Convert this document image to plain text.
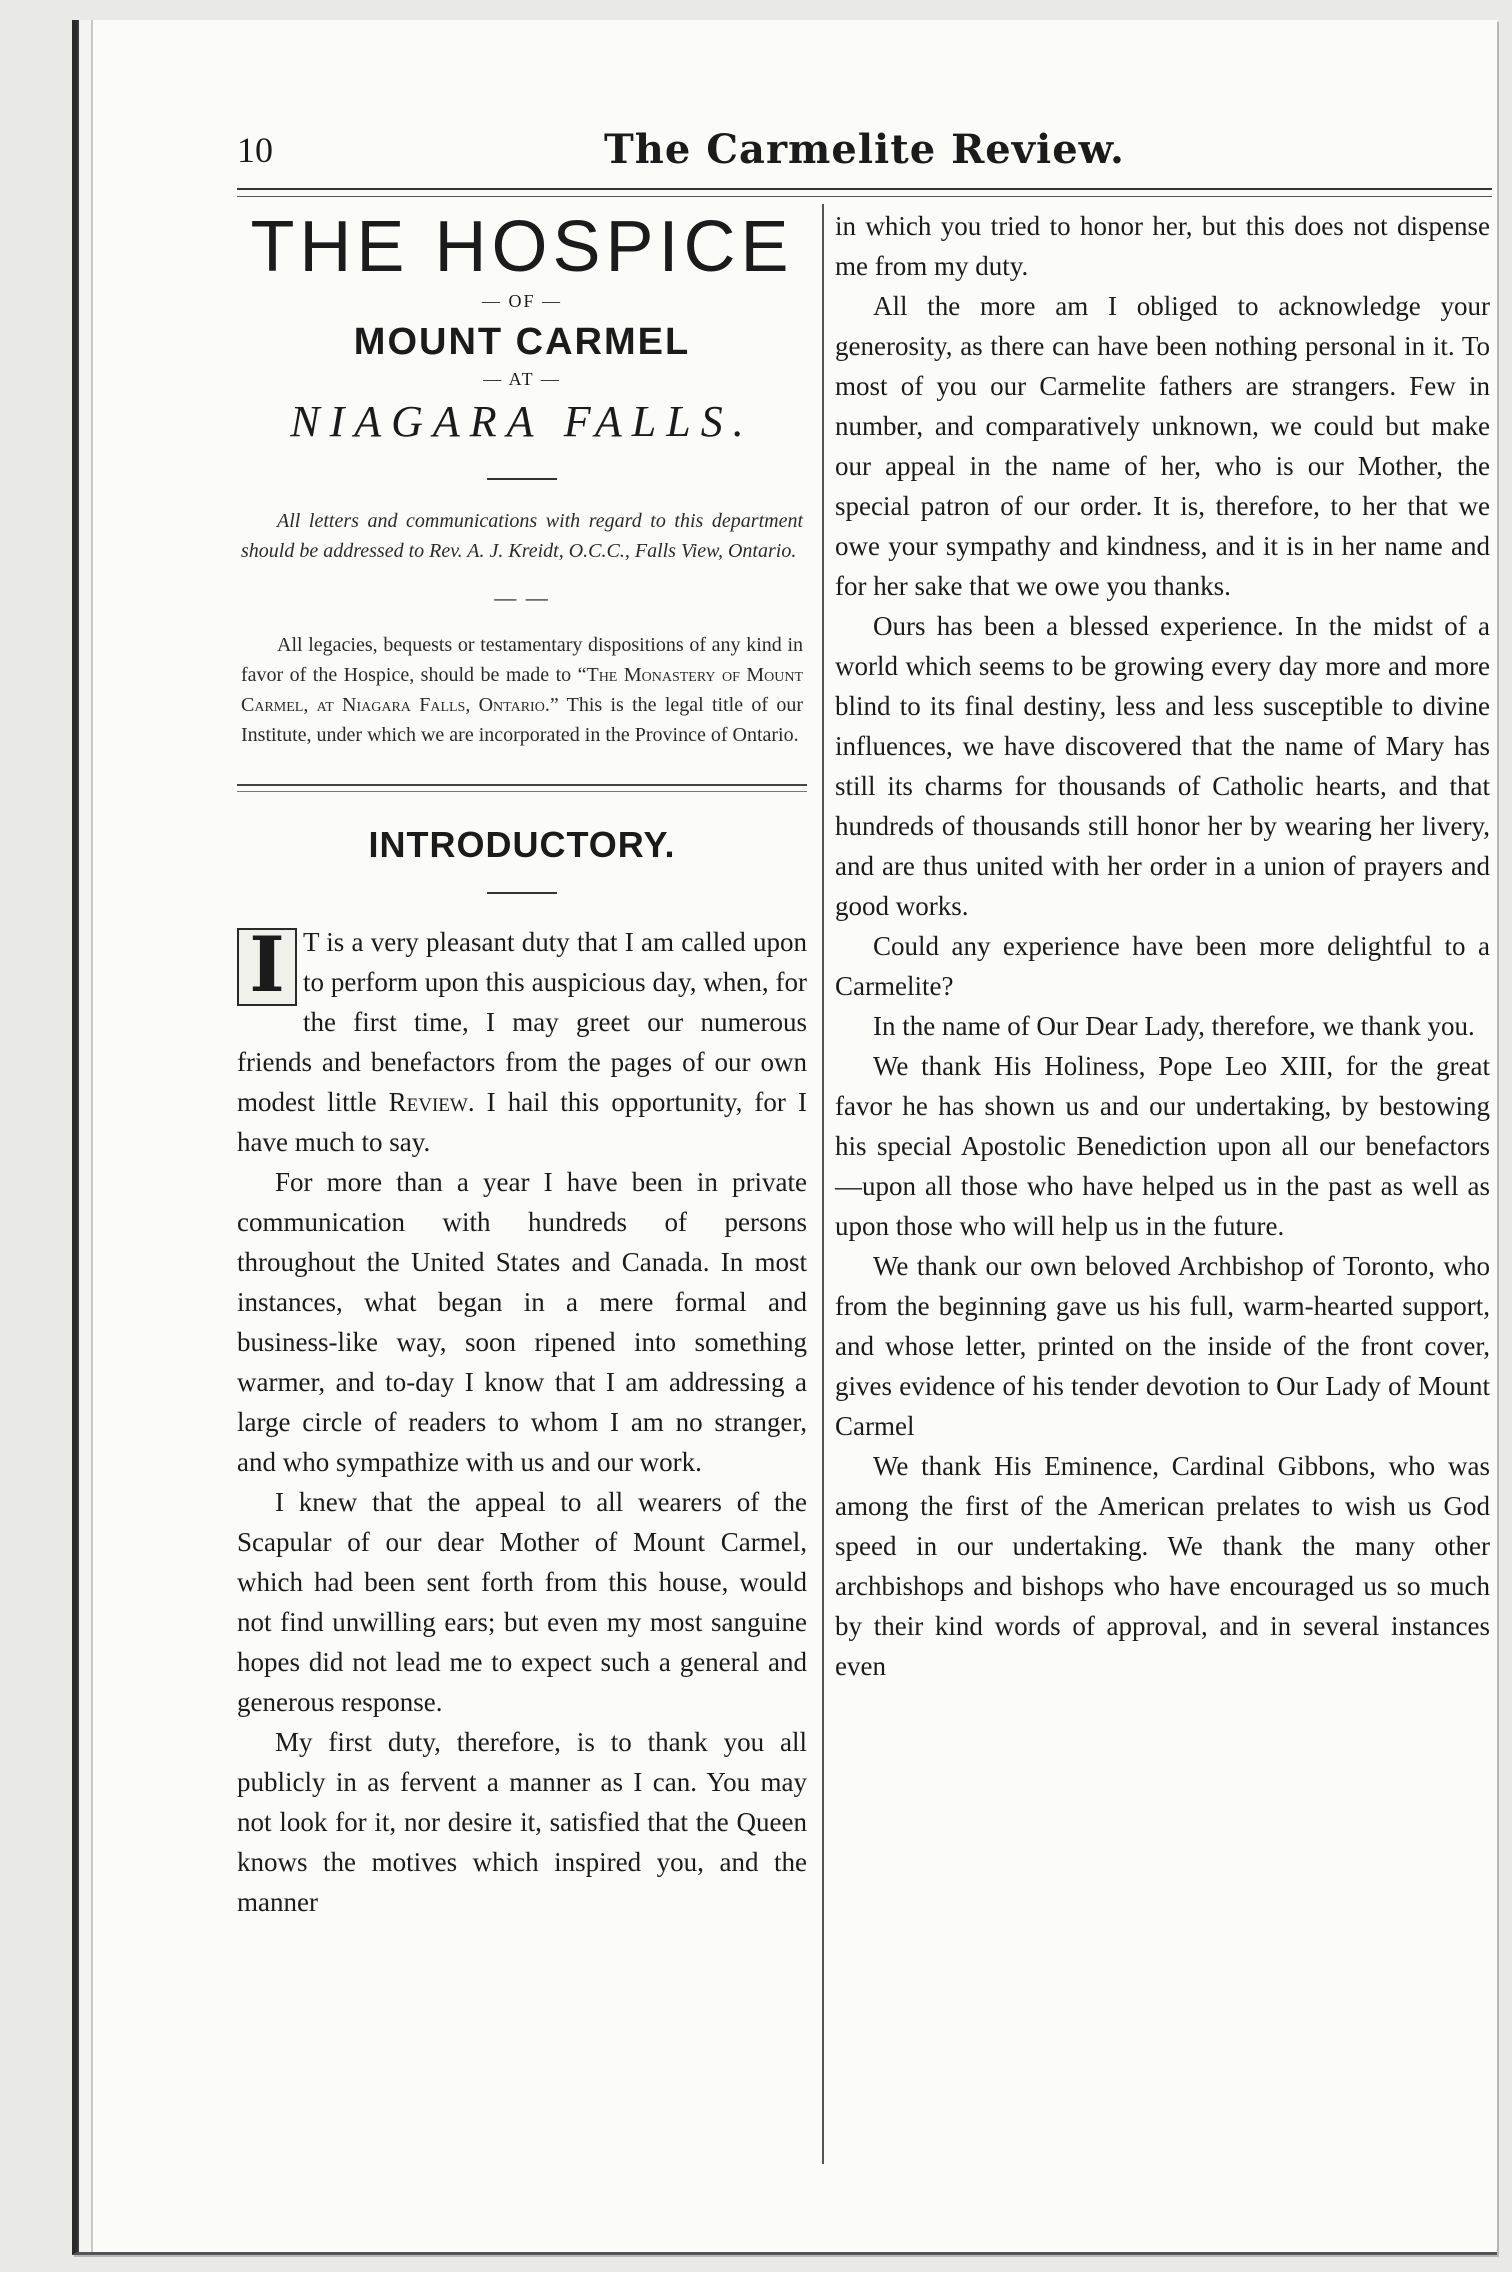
10	The Carmelite Review.
THE HOSPICE
— OF —
MOUNT CARMEL
— AT —
NIAGARA FALLS.

All letters and communications with regard to this department should be addressed to Rev. A. J. Kreidt, O.C.C., Falls View, Ontario.

— —

All legacies, bequests or testamentary dispositions of any kind in favor of the Hospice, should be made to “The Monastery of Mount Carmel, at Niagara Falls, Ontario.” This is the legal title of our Institute, under which we are incorporated in the Province of Ontario.

INTRODUCTORY.

I T is a very pleasant duty that I am called upon to perform upon this auspicious day, when, for the first time, I may greet our numerous friends and benefactors from the pages of our own modest little Review. I hail this opportunity, for I have much to say.

For more than a year I have been in private communication with hundreds of persons throughout the United States and Canada. In most instances, what began in a mere formal and business-like way, soon ripened into something warmer, and to-day I know that I am addressing a large circle of readers to whom I am no stranger, and who sympathize with us and our work.

I knew that the appeal to all wearers of the Scapular of our dear Mother of Mount Carmel, which had been sent forth from this house, would not find unwilling ears; but even my most sanguine hopes did not lead me to expect such a general and generous response.

My first duty, therefore, is to thank you all publicly in as fervent a manner as I can. You may not look for it, nor desire it, satisfied that the Queen knows the motives which inspired you, and the manner

in which you tried to honor her, but this does not dispense me from my duty.

All the more am I obliged to acknowledge your generosity, as there can have been nothing personal in it. To most of you our Carmelite fathers are strangers. Few in number, and comparatively unknown, we could but make our appeal in the name of her, who is our Mother, the special patron of our order. It is, therefore, to her that we owe your sympathy and kindness, and it is in her name and for her sake that we owe you thanks.

Ours has been a blessed experience. In the midst of a world which seems to be growing every day more and more blind to its final destiny, less and less susceptible to divine influences, we have discovered that the name of Mary has still its charms for thousands of Catholic hearts, and that hundreds of thousands still honor her by wearing her livery, and are thus united with her order in a union of prayers and good works.

Could any experience have been more delightful to a Carmelite?

In the name of Our Dear Lady, therefore, we thank you.

We thank His Holiness, Pope Leo XIII, for the great favor he has shown us and our undertaking, by bestowing his special Apostolic Benediction upon all our benefactors —upon all those who have helped us in the past as well as upon those who will help us in the future.

We thank our own beloved Archbishop of Toronto, who from the beginning gave us his full, warm-hearted support, and whose letter, printed on the inside of the front cover, gives evidence of his tender devotion to Our Lady of Mount Carmel

We thank His Eminence, Cardinal Gibbons, who was among the first of the American prelates to wish us God speed in our undertaking. We thank the many other archbishops and bishops who have encouraged us so much by their kind words of approval, and in several instances even
